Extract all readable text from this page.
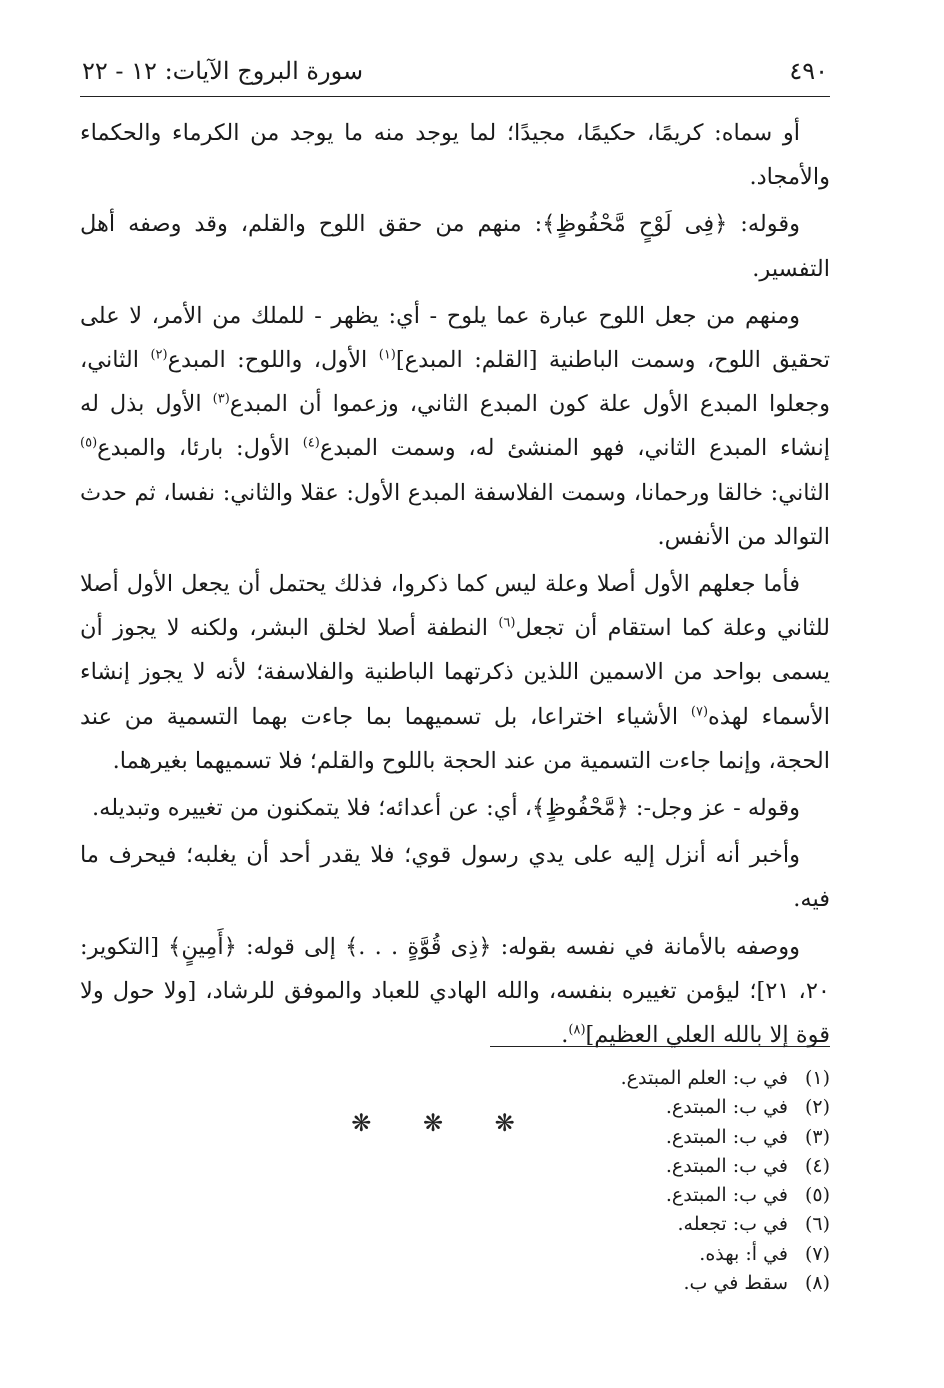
٤٩٠
سورة البروج الآيات: ١٢ - ٢٢

أو سماه: كريمًا، حكيمًا، مجيدًا؛ لما يوجد منه ما يوجد من الكرماء والحكماء والأمجاد.

وقوله: ﴿فِى لَوْحٍ مَّحْفُوظٍ﴾: منهم من حقق اللوح والقلم، وقد وصفه أهل التفسير.

ومنهم من جعل اللوح عبارة عما يلوح - أي: يظهر - للملك من الأمر، لا على تحقيق اللوح، وسمت الباطنية [القلم: المبدع]$^{(١)}$ الأول، واللوح: المبدع$^{(٢)}$ الثاني، وجعلوا المبدع الأول علة كون المبدع الثاني، وزعموا أن المبدع$^{(٣)}$ الأول بذل له إنشاء المبدع الثاني، فهو المنشئ له، وسمت المبدع$^{(٤)}$ الأول: بارئا، والمبدع$^{(٥)}$ الثاني: خالقا ورحمانا، وسمت الفلاسفة المبدع الأول: عقلا والثاني: نفسا، ثم حدث التوالد من الأنفس.

فأما جعلهم الأول أصلا وعلة ليس كما ذكروا، فذلك يحتمل أن يجعل الأول أصلا للثاني وعلة كما استقام أن تجعل$^{(٦)}$ النطفة أصلا لخلق البشر، ولكنه لا يجوز أن يسمى بواحد من الاسمين اللذين ذكرتهما الباطنية والفلاسفة؛ لأنه لا يجوز إنشاء الأسماء لهذه$^{(٧)}$ الأشياء اختراعا، بل تسميهما بما جاءت بهما التسمية من عند الحجة، وإنما جاءت التسمية من عند الحجة باللوح والقلم؛ فلا تسميهما بغيرهما.

وقوله - عز وجل-: ﴿مَّحْفُوظٍ﴾، أي: عن أعدائه؛ فلا يتمكنون من تغييره وتبديله.

وأخبر أنه أنزل إليه على يدي رسول قوي؛ فلا يقدر أحد أن يغلبه؛ فيحرف ما فيه.

ووصفه بالأمانة في نفسه بقوله: ﴿ذِى قُوَّةٍ . . .﴾ إلى قوله: ﴿أَمِينٍ﴾ [التكوير: ٢٠، ٢١]؛ ليؤمن تغييره بنفسه، والله الهادي للعباد والموفق للرشاد، [ولا حول ولا قوة إلا بالله العلي العظيم]$^{(٨)}$.

❋ ❋ ❋
(١)
في ب: العلم المبتدع.
(٢)
في ب: المبتدع.
(٣)
في ب: المبتدع.
(٤)
في ب: المبتدع.
(٥)
في ب: المبتدع.
(٦)
في ب: تجعله.
(٧)
في أ: بهذه.
(٨)
سقط في ب.
